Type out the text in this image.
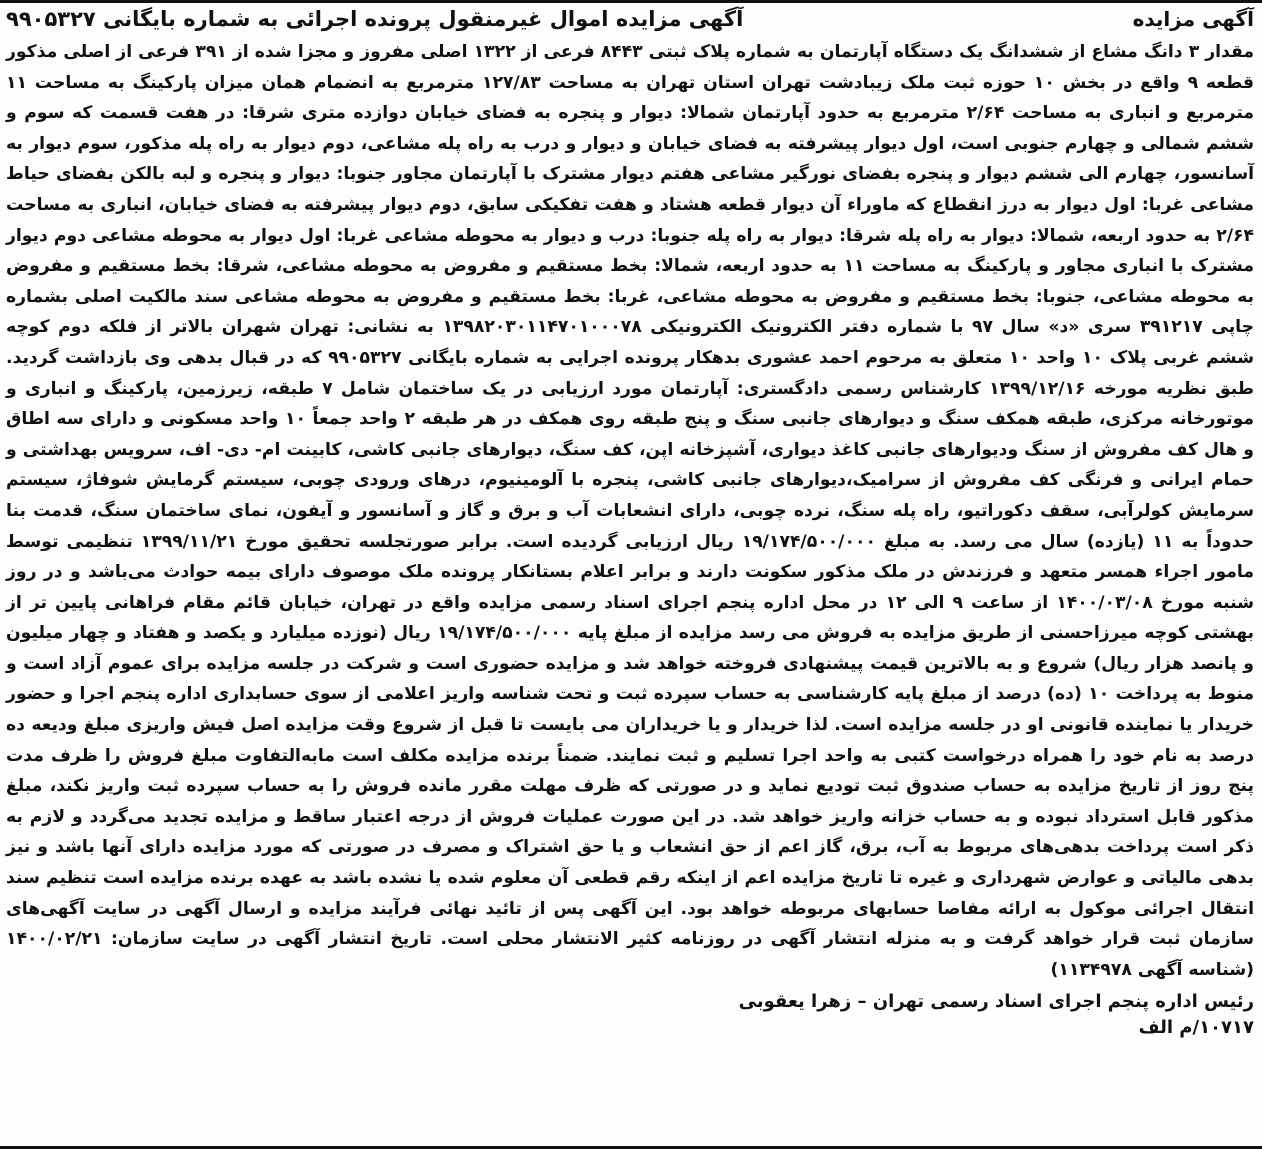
آگهی مزایده
آگهی مزایده اموال غیرمنقول پرونده اجرائی به شماره بایگانی ۹۹۰۵۳۲۷

مقدار ۳ دانگ مشاع از ششدانگ یک دستگاه آپارتمان به شماره پلاک ثبتی ۸۴۴۳ فرعی از ۱۳۲۲ اصلی مفروز و مجزا شده از ۳۹۱ فرعی از اصلی مذکور قطعه ۹ واقع در بخش ۱۰ حوزه ثبت ملک زیبادشت تهران استان تهران به مساحت ۱۲۷/۸۳ مترمربع به انضمام همان میزان پارکینگ به مساحت ۱۱ مترمربع و انباری به مساحت ۲/۶۴ مترمربع به حدود آپارتمان شمالا: دیوار و پنجره به فضای خیابان دوازده متری شرقا: در هفت قسمت که سوم و ششم شمالی و چهارم جنوبی است، اول دیوار پیشرفته به فضای خیابان و دیوار و درب به راه پله مشاعی، دوم دیوار به راه پله مذکور، سوم دیوار به آسانسور، چهارم الی ششم دیوار و پنجره بفضای نورگیر مشاعی هفتم دیوار مشترک با آپارتمان مجاور جنوبا: دیوار و پنجره و لبه بالکن بفضای حیاط مشاعی غربا: اول دیوار به درز انقطاع که ماوراء آن دیوار قطعه هشتاد و هفت تفکیکی سابق، دوم دیوار پیشرفته به فضای خیابان، انباری به مساحت ۲/۶۴ به حدود اربعه، شمالا: دیوار به راه پله شرقا: دیوار به راه پله جنوبا: درب و دیوار به محوطه مشاعی غربا: اول دیوار به محوطه مشاعی دوم دیوار مشترک با انباری مجاور و پارکینگ به مساحت ۱۱ به حدود اربعه، شمالا: بخط مستقیم و مفروض به محوطه مشاعی، شرقا: بخط مستقیم و مفروض به محوطه مشاعی، جنوبا: بخط مستقیم و مفروض به محوطه مشاعی، غربا: بخط مستقیم و مفروض به محوطه مشاعی سند مالکیت اصلی بشماره چاپی ۳۹۱۲۱۷ سری «د» سال ۹۷ با شماره دفتر الکترونیک الکترونیکی ۱۳۹۸۲۰۳۰۱۱۴۷۰۱۰۰۰۷۸ به نشانی: تهران شهران بالاتر از فلکه دوم کوچه ششم غربی پلاک ۱۰ واحد ۱۰ متعلق به مرحوم احمد عشوری بدهکار پرونده اجرایی به شماره بایگانی ۹۹۰۵۳۲۷ که در قبال بدهی وی بازداشت گردید. طبق نظریه مورخه ۱۳۹۹/۱۲/۱۶ کارشناس رسمی دادگستری: آپارتمان مورد ارزیابی در یک ساختمان شامل ۷ طبقه، زیرزمین، پارکینگ و انباری و موتورخانه مرکزی، طبقه همکف سنگ و دیوارهای جانبی سنگ و پنج طبقه روی همکف در هر طبقه ۲ واحد جمعاً ۱۰ واحد مسکونی و دارای سه اطاق و هال کف مفروش از سنگ ودیوارهای جانبی کاغذ دیواری، آشپزخانه اپن، کف سنگ، دیوارهای جانبی کاشی، کابینت ام- دی- اف، سرویس بهداشتی و حمام ایرانی و فرنگی کف مفروش از سرامیک،دیوارهای جانبی کاشی، پنجره با آلومینیوم، درهای ورودی چوبی، سیستم گرمایش شوفاژ، سیستم سرمایش کولرآبی، سقف دکوراتیو، راه پله سنگ، نرده چوبی، دارای انشعابات آب و برق و گاز و آسانسور و آیفون، نمای ساختمان سنگ، قدمت بنا حدوداً به ۱۱ (یازده) سال می رسد. به مبلغ ۱۹/۱۷۴/۵۰۰/۰۰۰ ریال ارزیابی گردیده است. برابر صورتجلسه تحقیق مورخ ۱۳۹۹/۱۱/۲۱ تنظیمی توسط مامور اجراء همسر متعهد و فرزندش در ملک مذکور سکونت دارند و برابر اعلام بستانکار پرونده ملک موصوف دارای بیمه حوادث می‌باشد و در روز شنبه مورخ ۱۴۰۰/۰۳/۰۸ از ساعت ۹ الی ۱۲ در محل اداره پنجم اجرای اسناد رسمی مزایده واقع در تهران، خیابان قائم مقام فراهانی پایین تر از بهشتی کوچه میرزاحسنی از طریق مزایده به فروش می رسد مزایده از مبلغ پایه ۱۹/۱۷۴/۵۰۰/۰۰۰ ریال (نوزده میلیارد و یکصد و هفتاد و چهار میلیون و پانصد هزار ریال) شروع و به بالاترین قیمت پیشنهادی فروخته خواهد شد و مزایده حضوری است و شرکت در جلسه مزایده برای عموم آزاد است و منوط به پرداخت ۱۰ (ده) درصد از مبلغ پایه کارشناسی به حساب سپرده ثبت و تحت شناسه واریز اعلامی از سوی حسابداری اداره پنجم اجرا و حضور خریدار یا نماینده قانونی او در جلسه مزایده است. لذا خریدار و یا خریداران می بایست تا قبل از شروع وقت مزایده اصل فیش واریزی مبلغ ودیعه ده درصد به نام خود را همراه درخواست کتبی به واحد اجرا تسلیم و ثبت نمایند. ضمناً برنده مزایده مکلف است مابه‌التفاوت مبلغ فروش را ظرف مدت پنج روز از تاریخ مزایده به حساب صندوق ثبت تودیع نماید و در صورتی که ظرف مهلت مقرر مانده فروش را به حساب سپرده ثبت واریز نکند، مبلغ مذکور قابل استرداد نبوده و به حساب خزانه واریز خواهد شد. در این صورت عملیات فروش از درجه اعتبار ساقط و مزایده تجدید می‌گردد و لازم به ذکر است پرداخت بدهی‌های مربوط به آب، برق، گاز اعم از حق انشعاب و یا حق اشتراک و مصرف در صورتی که مورد مزایده دارای آنها باشد و نیز بدهی مالیاتی و عوارض شهرداری و غیره تا تاریخ مزایده اعم از اینکه رقم قطعی آن معلوم شده یا نشده باشد به عهده برنده مزایده است تنظیم سند انتقال اجرائی موکول به ارائه مفاصا حسابهای مربوطه خواهد بود. این آگهی پس از تائید نهائی فرآیند مزایده و ارسال آگهی در سایت آگهی‌های سازمان ثبت قرار خواهد گرفت و به منزله انتشار آگهی در روزنامه کثیر الانتشار محلی است. تاریخ انتشار آگهی در سایت سازمان: ۱۴۰۰/۰۲/۲۱ (شناسه آگهی ۱۱۳۴۹۷۸)

رئیس اداره پنجم اجرای اسناد رسمی تهران – زهرا یعقوبی
۱۰۷۱۷/م الف
